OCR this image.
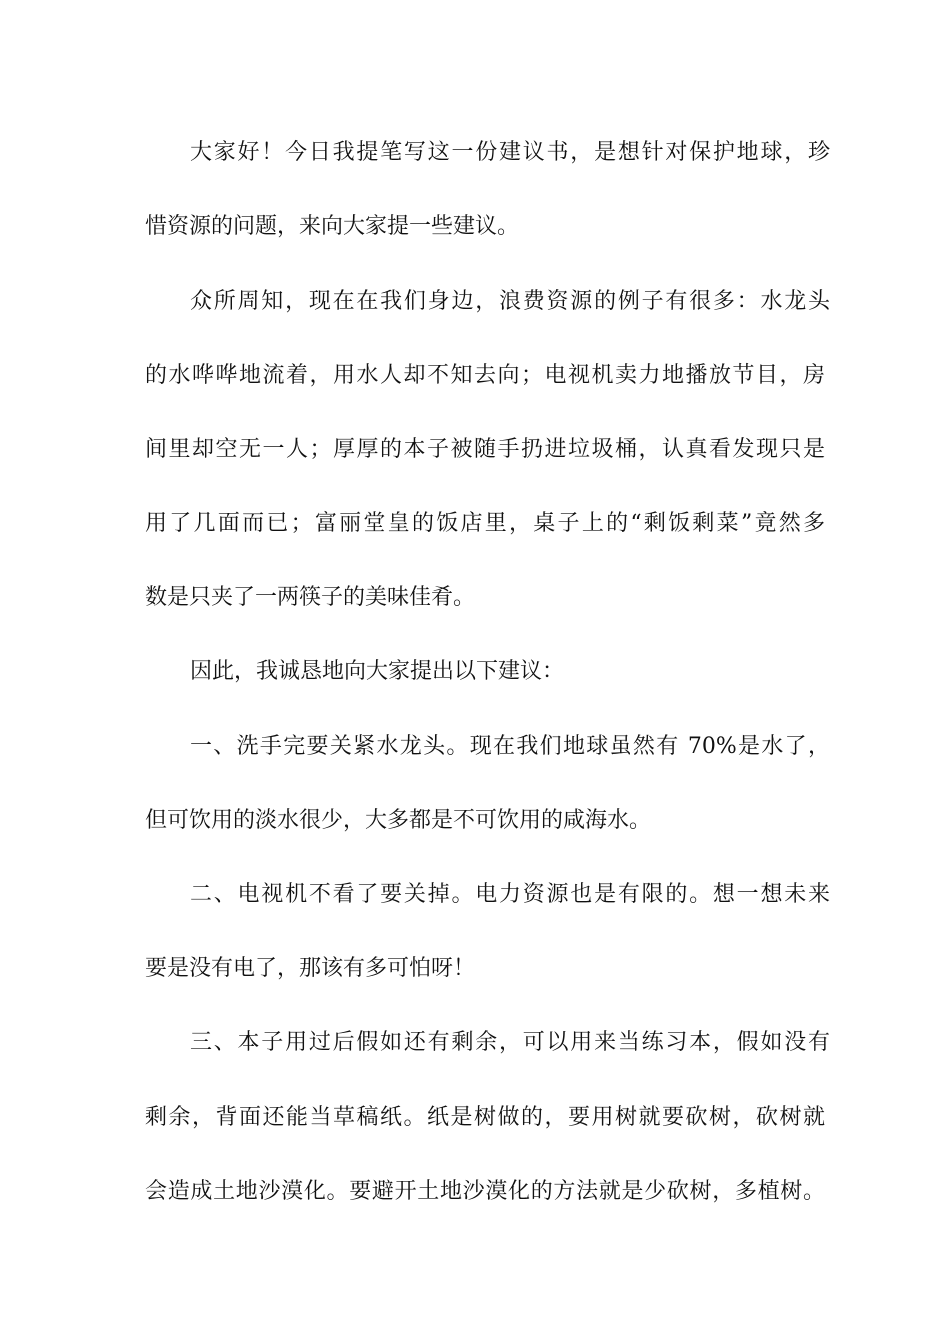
大家好！今日我提笔写这一份建议书，是想针对保护地球，珍

惜资源的问题，来向大家提一些建议。

众所周知，现在在我们身边，浪费资源的例子有很多：水龙头

的水哗哗地流着，用水人却不知去向；电视机卖力地播放节目，房

间里却空无一人；厚厚的本子被随手扔进垃圾桶，认真看发现只是

用了几面而已；富丽堂皇的饭店里，桌子上的“剩饭剩菜”竟然多

数是只夹了一两筷子的美味佳肴。

因此，我诚恳地向大家提出以下建议：

一、洗手完要关紧水龙头。现在我们地球虽然有 70%是水了，

但可饮用的淡水很少，大多都是不可饮用的咸海水。

二、电视机不看了要关掉。电力资源也是有限的。想一想未来

要是没有电了，那该有多可怕呀！

三、本子用过后假如还有剩余，可以用来当练习本，假如没有

剩余，背面还能当草稿纸。纸是树做的，要用树就要砍树，砍树就

会造成土地沙漠化。要避开土地沙漠化的方法就是少砍树，多植树。
